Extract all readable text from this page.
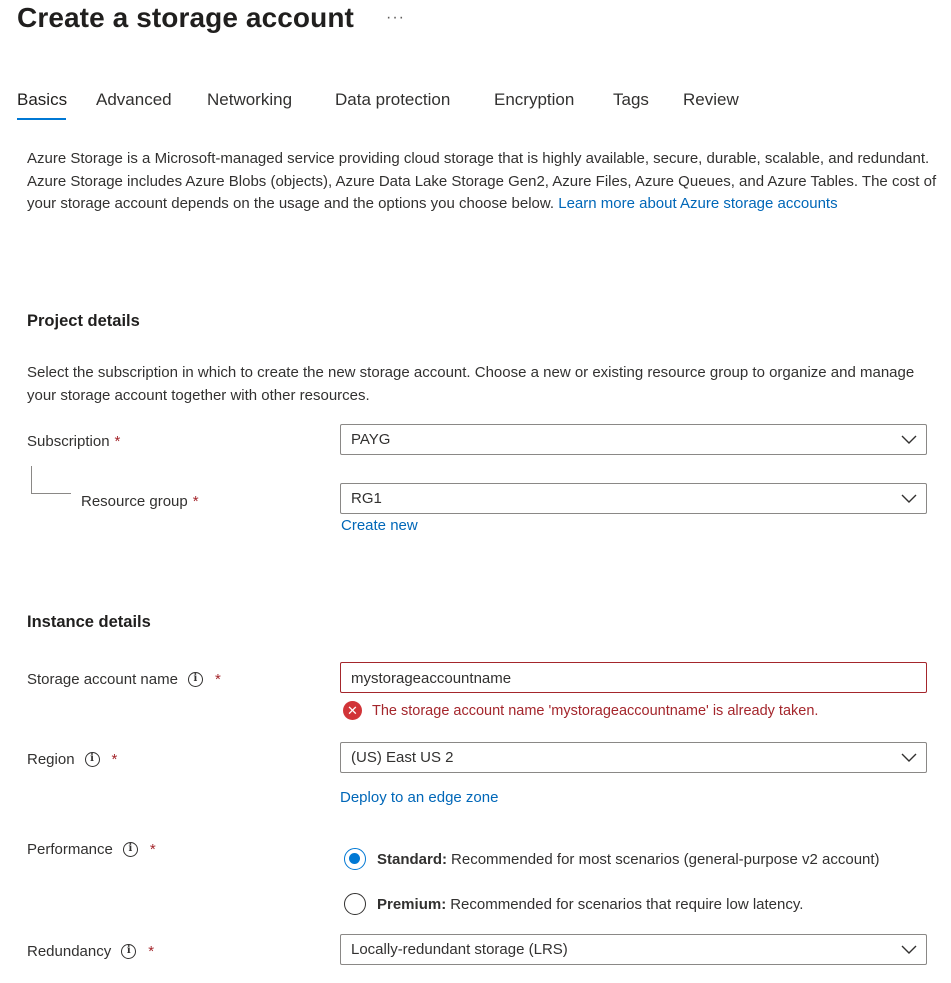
Create a storage account ···
Basics Advanced Networking	Data protection	Encryption Tags Review
Azure Storage is a Microsoft-managed service providing cloud storage that is highly available, secure, durable, scalable, and redundant. Azure Storage includes Azure Blobs (objects), Azure Data Lake Storage Gen2, Azure Files, Azure Queues, and Azure Tables. The cost of your storage account depends on the usage and the options you choose below. Learn more about Azure storage accounts
Project details
Select the subscription in which to create the new storage account. Choose a new or existing resource group to organize and manage your storage account together with other resources.
Subscription *	PAYG
Resource group *	RG1
Create new
Instance details
Storage account name	i	*	mystorageaccountname
✕ The storage account name 'mystorageaccountname' is already taken.
Region	i	*	(US) East US 2
Deploy to an edge zone
Performance	i	*
Standard: Recommended for most scenarios (general-purpose v2 account)
Premium: Recommended for scenarios that require low latency.
Redundancy	i	*	Locally-redundant storage (LRS)
